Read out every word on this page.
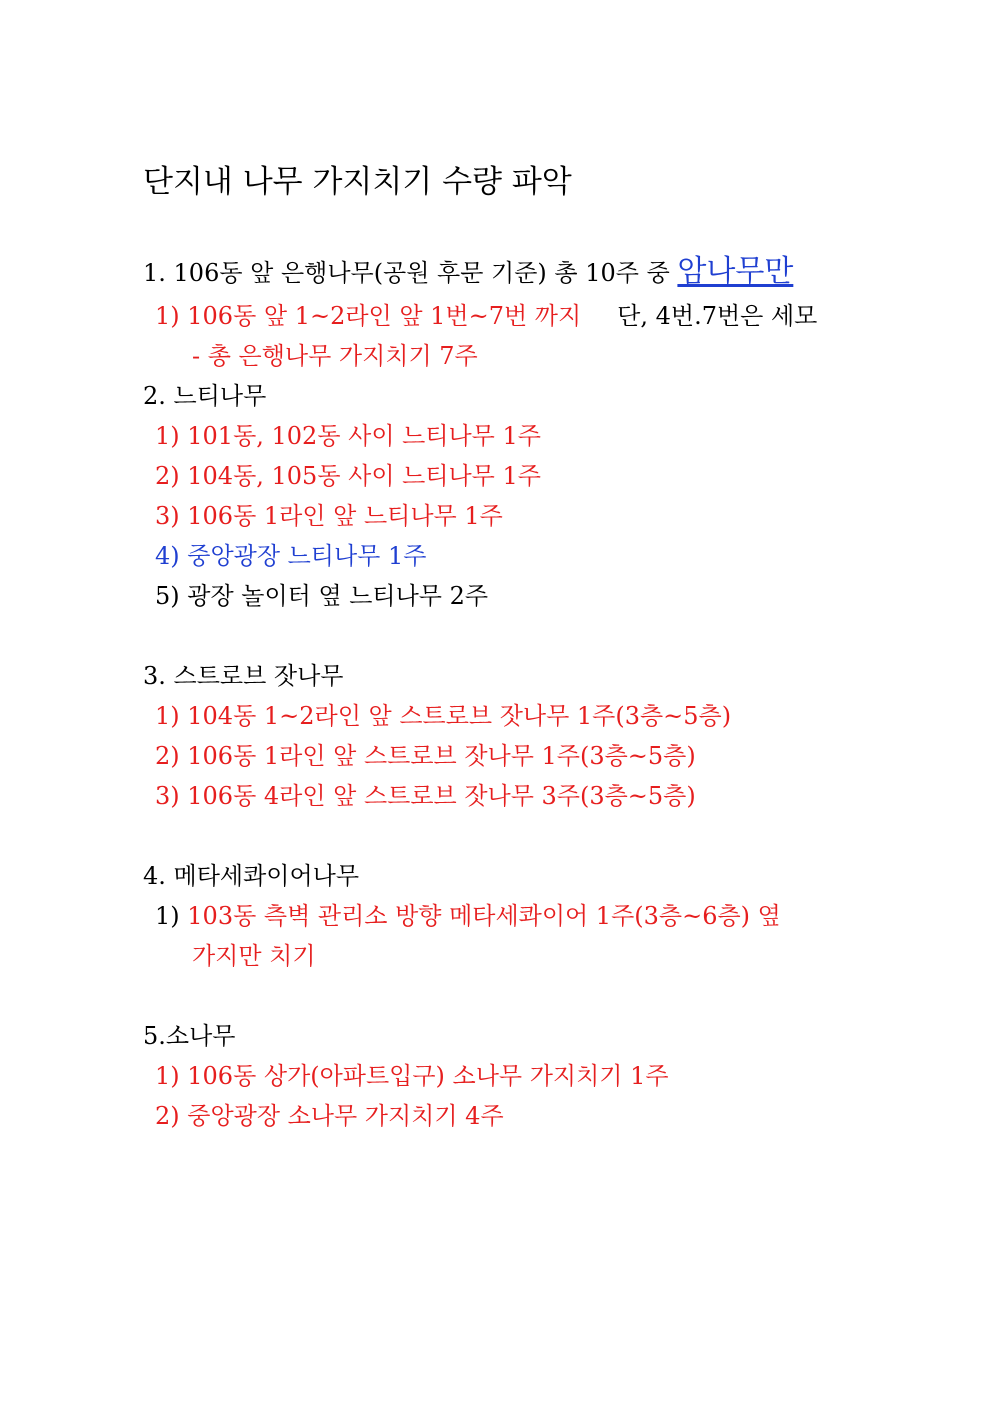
단지내 나무 가지치기 수량 파악
1. 106동 앞 은행나무(공원 후문 기준) 총 10주 중 암나무만
1) 106동 앞 1~2라인 앞 1번~7번 까지 단, 4번.7번은 세모
- 총 은행나무 가지치기 7주
2. 느티나무
1) 101동, 102동 사이 느티나무 1주
2) 104동, 105동 사이 느티나무 1주
3) 106동 1라인 앞 느티나무 1주
4) 중앙광장 느티나무 1주
5) 광장 놀이터 옆 느티나무 2주
3. 스트로브 잣나무
1) 104동 1~2라인 앞 스트로브 잣나무 1주(3층~5층)
2) 106동 1라인 앞 스트로브 잣나무 1주(3층~5층)
3) 106동 4라인 앞 스트로브 잣나무 3주(3층~5층)
4. 메타세콰이어나무
1) 103동 측벽 관리소 방향 메타세콰이어 1주(3층~6층) 옆
가지만 치기
5.소나무
1) 106동 상가(아파트입구) 소나무 가지치기 1주
2) 중앙광장 소나무 가지치기 4주
